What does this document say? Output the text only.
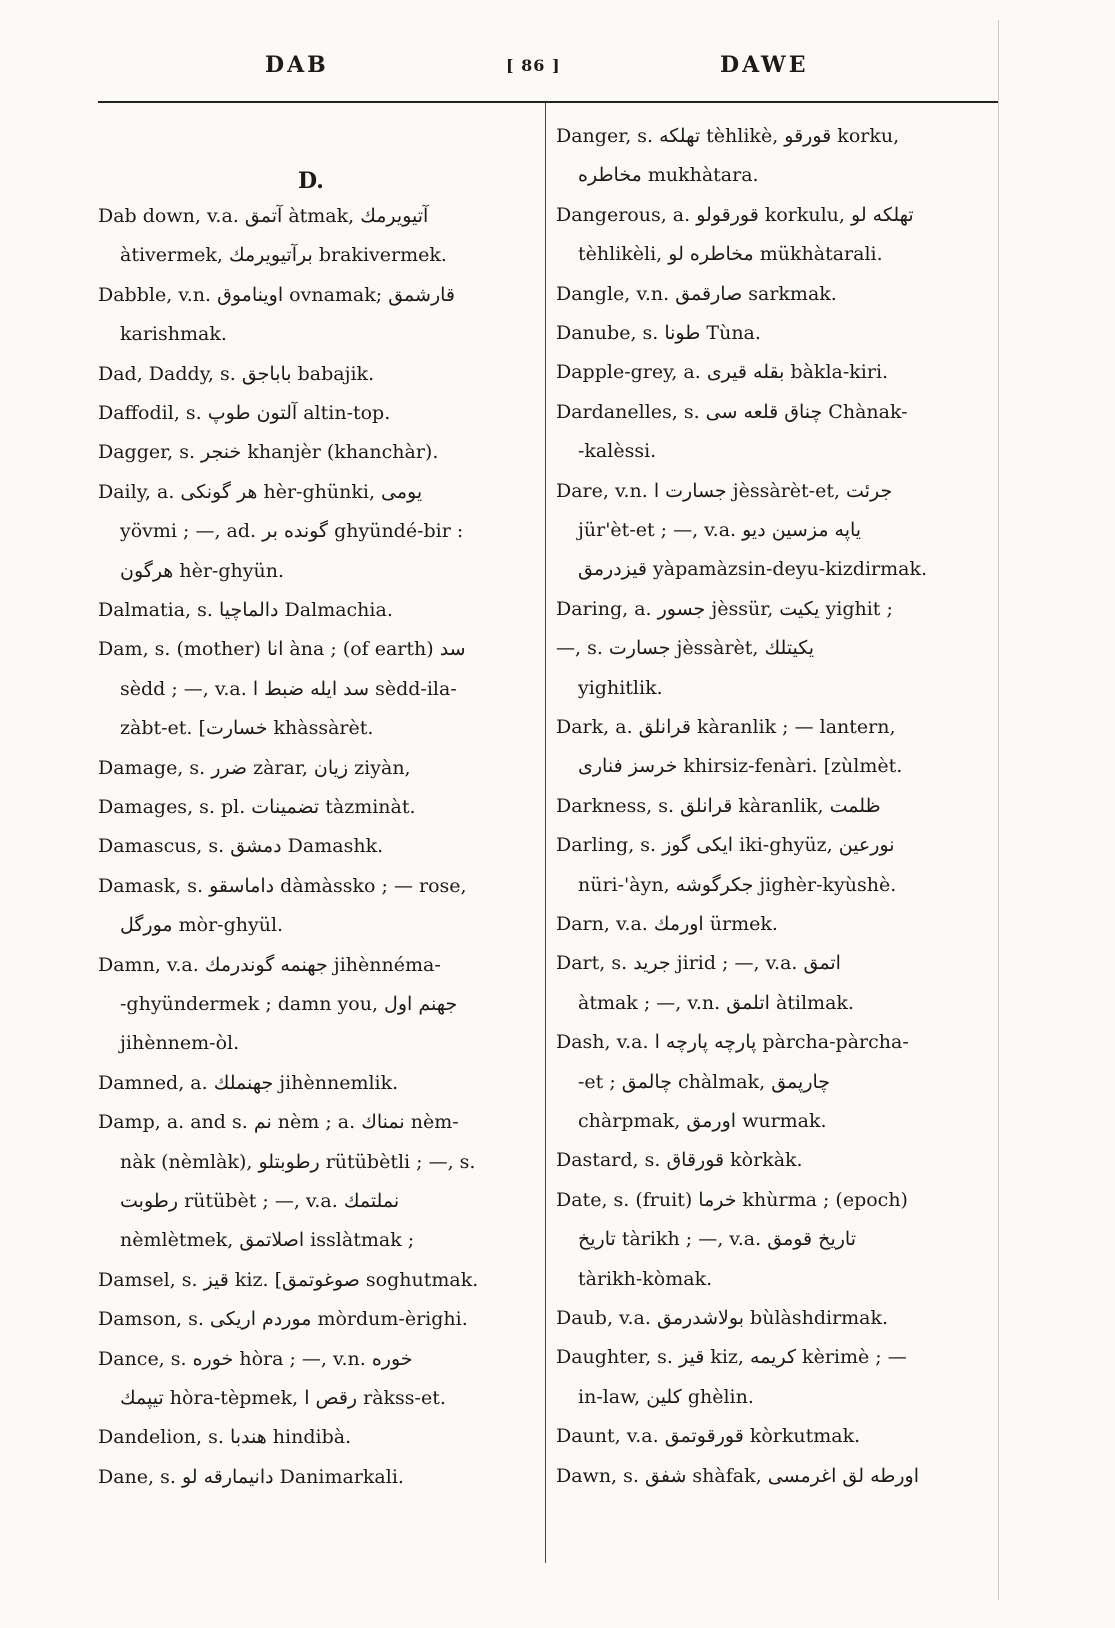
DAB	[ 86 ]	DAWE
D.
Dab down, v.a. آتمق àtmak, آتیویرمك
àtivermek, برآتیویرمك brakivermek.
Dabble, v.n. اویناموق ovnamak; قارشمق
karishmak.
Dad, Daddy, s. باباجق babajik.
Daffodil, s. آلتون طوپ altin-top.
Dagger, s. خنجر khanjèr (khanchàr).
Daily, a. هر گونکی hèr-ghünki, یومی
yövmi ; —, ad. گونده بر ghyündé-bir :
هرگون hèr-ghyün.
Dalmatia, s. دالماچیا Dalmachia.
Dam, s. (mother) انا àna ; (of earth) سد
sèdd ; —, v.a. سد ایله ضبط ا sèdd-ila-
zàbt-et. [خسارت khàssàrèt.
Damage, s. ضرر zàrar, زیان ziyàn,
Damages, s. pl. تضمینات tàzminàt.
Damascus, s. دمشق Damashk.
Damask, s. داماسقو dàmàssko ; — rose,
مورگل mòr-ghyül.
Damn, v.a. جهنمه گوندرمك jihènnéma-
-ghyündermek ; damn you, جهنم اول
jihènnem-òl.
Damned, a. جهنملك jihènnemlik.
Damp, a. and s. نم nèm ; a. نمناك nèm-
nàk (nèmlàk), رطوبتلو rütübètli ; —, s.
رطوبت rütübèt ; —, v.a. نملتمك
nèmlètmek, اصلاتمق isslàtmak ;
Damsel, s. قیز kiz. [صوغوتمق soghutmak.
Damson, s. موردم اریکی mòrdum-èrighi.
Dance, s. خوره hòra ; —, v.n. خوره
تیپمك hòra-tèpmek, رقص ا ràkss-et.
Dandelion, s. هندبا hindibà.
Dane, s. دانیمارقه لو Danimarkali.
Danger, s. تهلکه tèhlikè, قورقو korku,
مخاطره mukhàtara.
Dangerous, a. قورقولو korkulu, تهلکه لو
tèhlikèli, مخاطره لو mükhàtarali.
Dangle, v.n. صارقمق sarkmak.
Danube, s. طونا Tùna.
Dapple-grey, a. بقله قیری bàkla-kiri.
Dardanelles, s. چناق قلعه سی Chànak-
-kalèssi.
Dare, v.n. جسارت ا jèssàrèt-et, جرئت
jür'èt-et ; —, v.a. یاپه مزسین دیو
قیزدرمق yàpamàzsin-deyu-kizdirmak.
Daring, a. جسور jèssür, یکیت yighit ;
—, s. جسارت jèssàrèt, یکیتلك
yighitlik.
Dark, a. قرانلق kàranlik ; — lantern,
خرسز فناری khirsiz-fenàri. [zùlmèt.
Darkness, s. قرانلق kàranlik, ظلمت
Darling, s. ایکی گوز iki-ghyüz, نورعین
nüri-'àyn, جکرگوشه jighèr-kyùshè.
Darn, v.a. اورمك ürmek.
Dart, s. جرید jirid ; —, v.a. اتمق
àtmak ; —, v.n. اتلمق àtilmak.
Dash, v.a. پارچه پارچه ا pàrcha-pàrcha-
-et ; چالمق chàlmak, چارپمق
chàrpmak, اورمق wurmak.
Dastard, s. قورقاق kòrkàk.
Date, s. (fruit) خرما khùrma ; (epoch)
تاریخ tàrikh ; —, v.a. تاریخ قومق
tàrikh-kòmak.
Daub, v.a. بولاشدرمق bùlàshdirmak.
Daughter, s. قیز kiz, کریمه kèrimè ; —
in-law, کلین ghèlin.
Daunt, v.a. قورقوتمق kòrkutmak.
Dawn, s. شفق shàfak, اورطه لق اغرمسی
